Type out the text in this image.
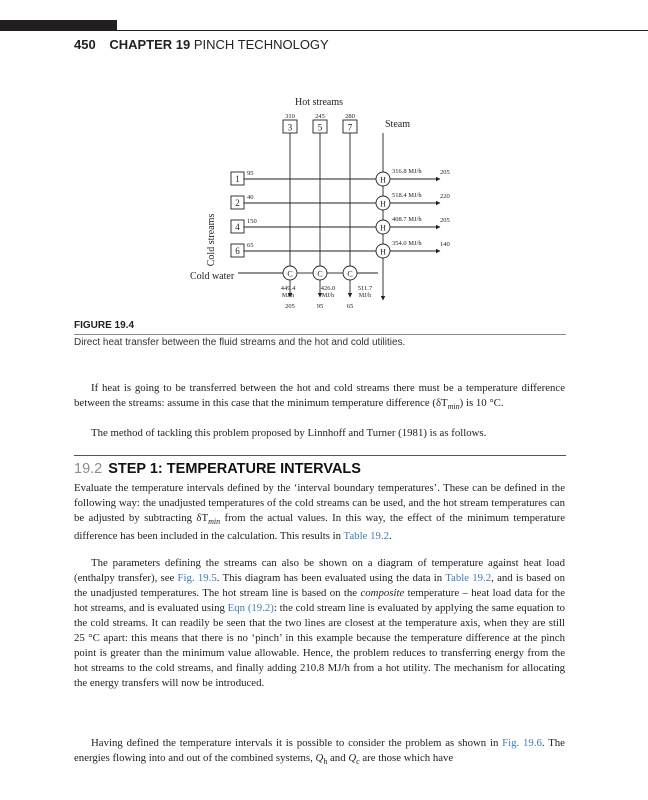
450 CHAPTER 19 PINCH TECHNOLOGY
Hot streams
Steam
Cold streams
Cold water
310
3
449.4
MJ/h
205
245
5
426.0
MJ/h
95
280
7
511.7
MJ/h
65
1
95
H
316.8 MJ/h	205
2
40
H
518.4 MJ/h	220
4
150
H
408.7 MJ/h	205
6
65
H
354.0 MJ/h	140
C	C	C
FIGURE 19.4
Direct heat transfer between the fluid streams and the hot and cold utilities.

If heat is going to be transferred between the hot and cold streams there must be a temperature difference between the streams: assume in this case that the minimum temperature difference $(\delta T_{min})$ is 10 °C.

The method of tackling this problem proposed by Linnhoff and Turner (1981) is as follows.

19.2 STEP 1: TEMPERATURE INTERVALS

Evaluate the temperature intervals defined by the ‘interval boundary temperatures’. These can be defined in the following way: the unadjusted temperatures of the cold streams can be used, and the hot stream temperatures can be adjusted by subtracting $\delta T_{min}$ from the actual values. In this way, the effect of the minimum temperature difference has been included in the calculation. This results in Table 19.2.

The parameters defining the streams can also be shown on a diagram of temperature against heat load (enthalpy transfer), see Fig. 19.5. This diagram has been evaluated using the data in Table 19.2, and is based on the unadjusted temperatures. The hot stream line is based on the composite temperature – heat load data for the hot streams, and is evaluated using Eqn (19.2): the cold stream line is evaluated by applying the same equation to the cold streams. It can readily be seen that the two lines are closest at the temperature axis, when they are still 25 °C apart: this means that there is no ‘pinch’ in this example because the temperature difference at the pinch point is greater than the minimum value allowable. Hence, the problem reduces to transferring energy from the hot streams to the cold streams, and finally adding 210.8 MJ/h from a hot utility. The mechanism for allocating the energy transfers will now be introduced.

Having defined the temperature intervals it is possible to consider the problem as shown in Fig. 19.6. The energies flowing into and out of the combined systems, $Q_h$ and $Q_c$ are those which have
